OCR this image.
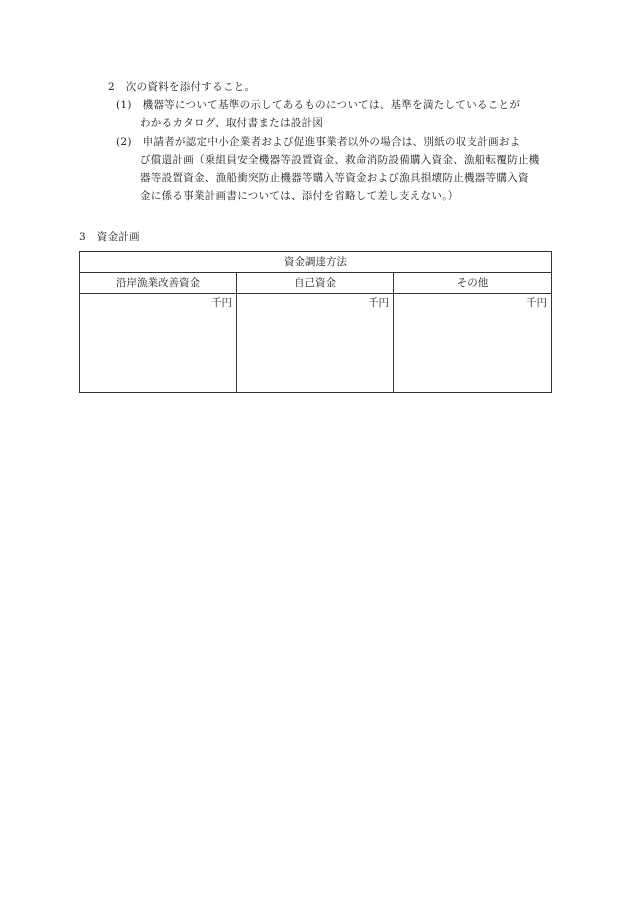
2　次の資料を添付すること。
(1)　機器等について基準の示してあるものについては、基準を満たしていることが
わかるカタログ、取付書または設計図
(2)　申請者が認定中小企業者および促進事業者以外の場合は、別紙の収支計画およ
び償還計画（乗組員安全機器等設置資金、救命消防設備購入資金、漁船転覆防止機
器等設置資金、漁船衝突防止機器等購入等資金および漁具損壊防止機器等購入資
金に係る事業計画書については、添付を省略して差し支えない。）
3　資金計画
資金調達方法		
沿岸漁業改善資金	自己資金	その他
千円	千円	千円
